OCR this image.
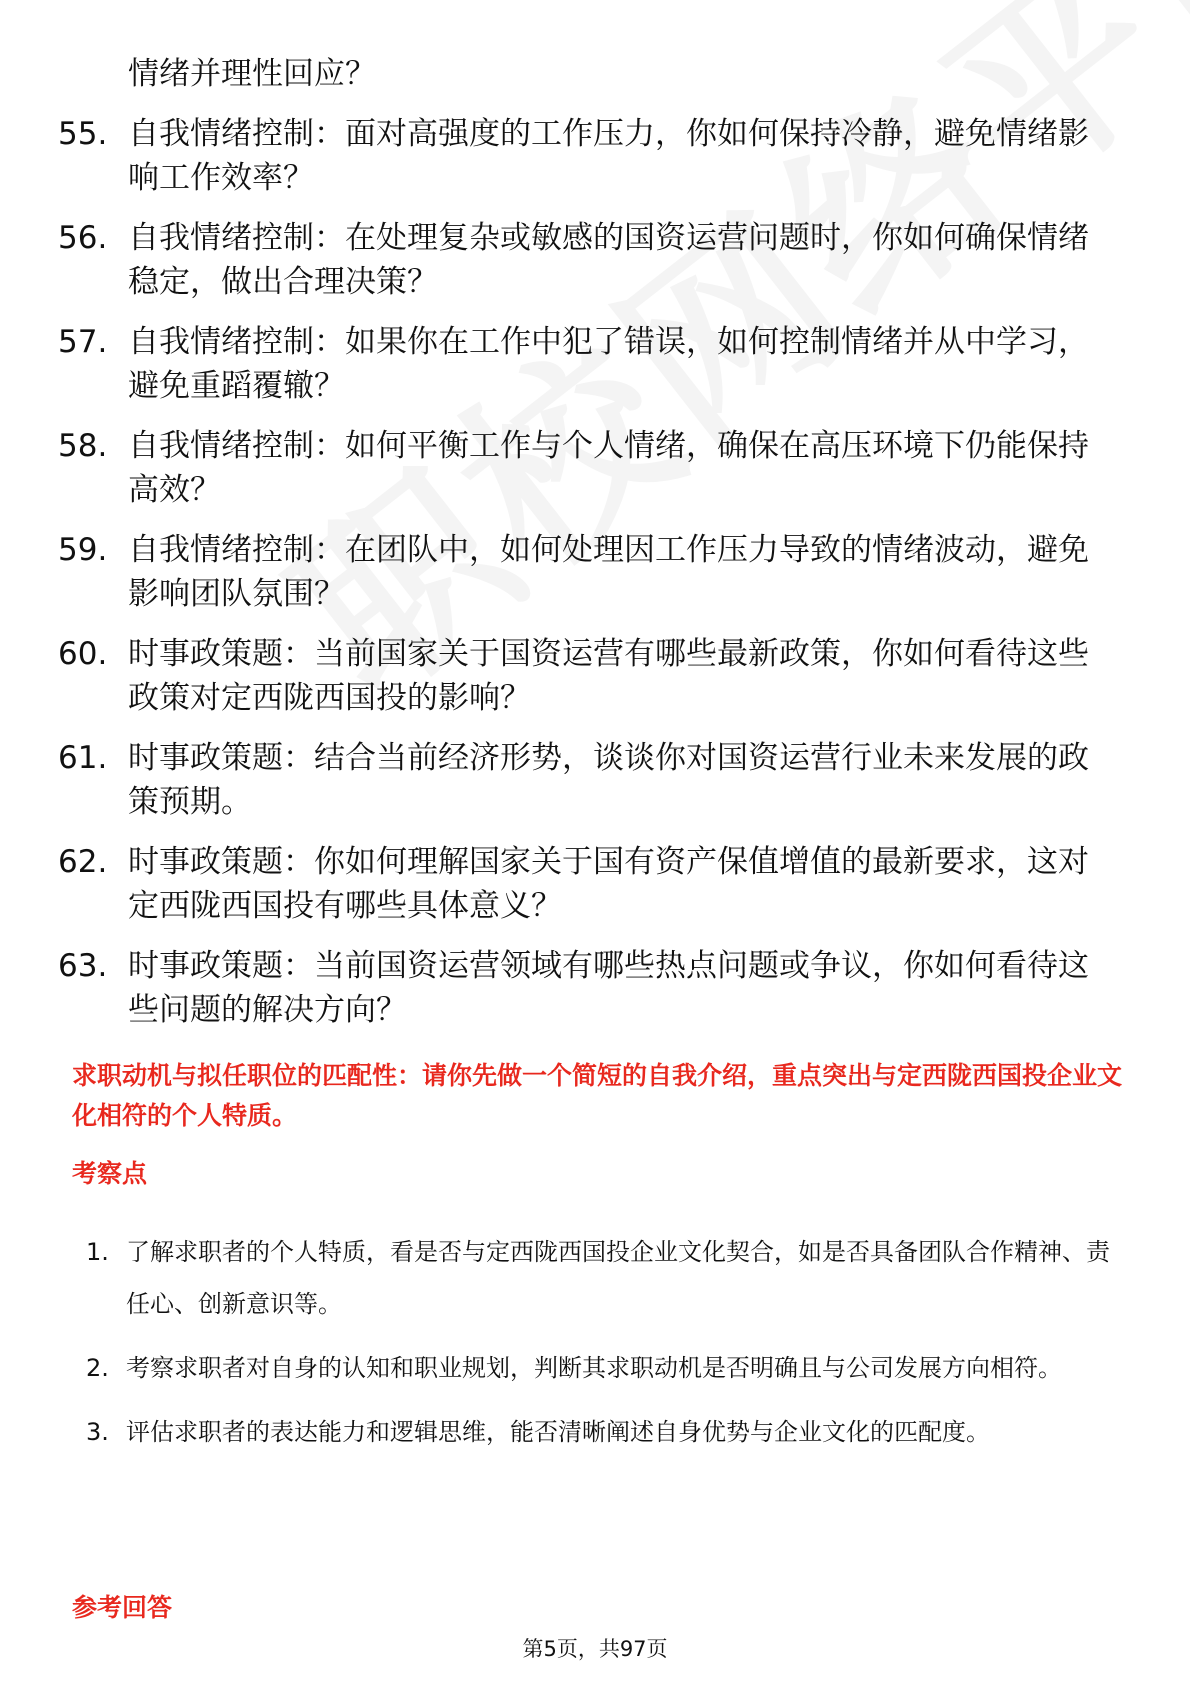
情绪并理性回应？

55. 自我情绪控制：面对高强度的工作压力，你如何保持冷静，避免情绪影响工作效率？
56. 自我情绪控制：在处理复杂或敏感的国资运营问题时，你如何确保情绪稳定，做出合理决策？
57. 自我情绪控制：如果你在工作中犯了错误，如何控制情绪并从中学习，避免重蹈覆辙？
58. 自我情绪控制：如何平衡工作与个人情绪，确保在高压环境下仍能保持高效？
59. 自我情绪控制：在团队中，如何处理因工作压力导致的情绪波动，避免影响团队氛围？
60. 时事政策题：当前国家关于国资运营有哪些最新政策，你如何看待这些政策对定西陇西国投的影响？
61. 时事政策题：结合当前经济形势，谈谈你对国资运营行业未来发展的政策预期。
62. 时事政策题：你如何理解国家关于国有资产保值增值的最新要求，这对定西陇西国投有哪些具体意义？
63. 时事政策题：当前国资运营领域有哪些热点问题或争议，你如何看待这些问题的解决方向？
求职动机与拟任职位的匹配性：请你先做一个简短的自我介绍，重点突出与定西陇西国投企业文化相符的个人特质。
考察点
1. 了解求职者的个人特质，看是否与定西陇西国投企业文化契合，如是否具备团队合作精神、责任心、创新意识等。
2. 考察求职者对自身的认知和职业规划，判断其求职动机是否明确且与公司发展方向相符。
3. 评估求职者的表达能力和逻辑思维，能否清晰阐述自身优势与企业文化的匹配度。
参考回答

第5页，共97页
